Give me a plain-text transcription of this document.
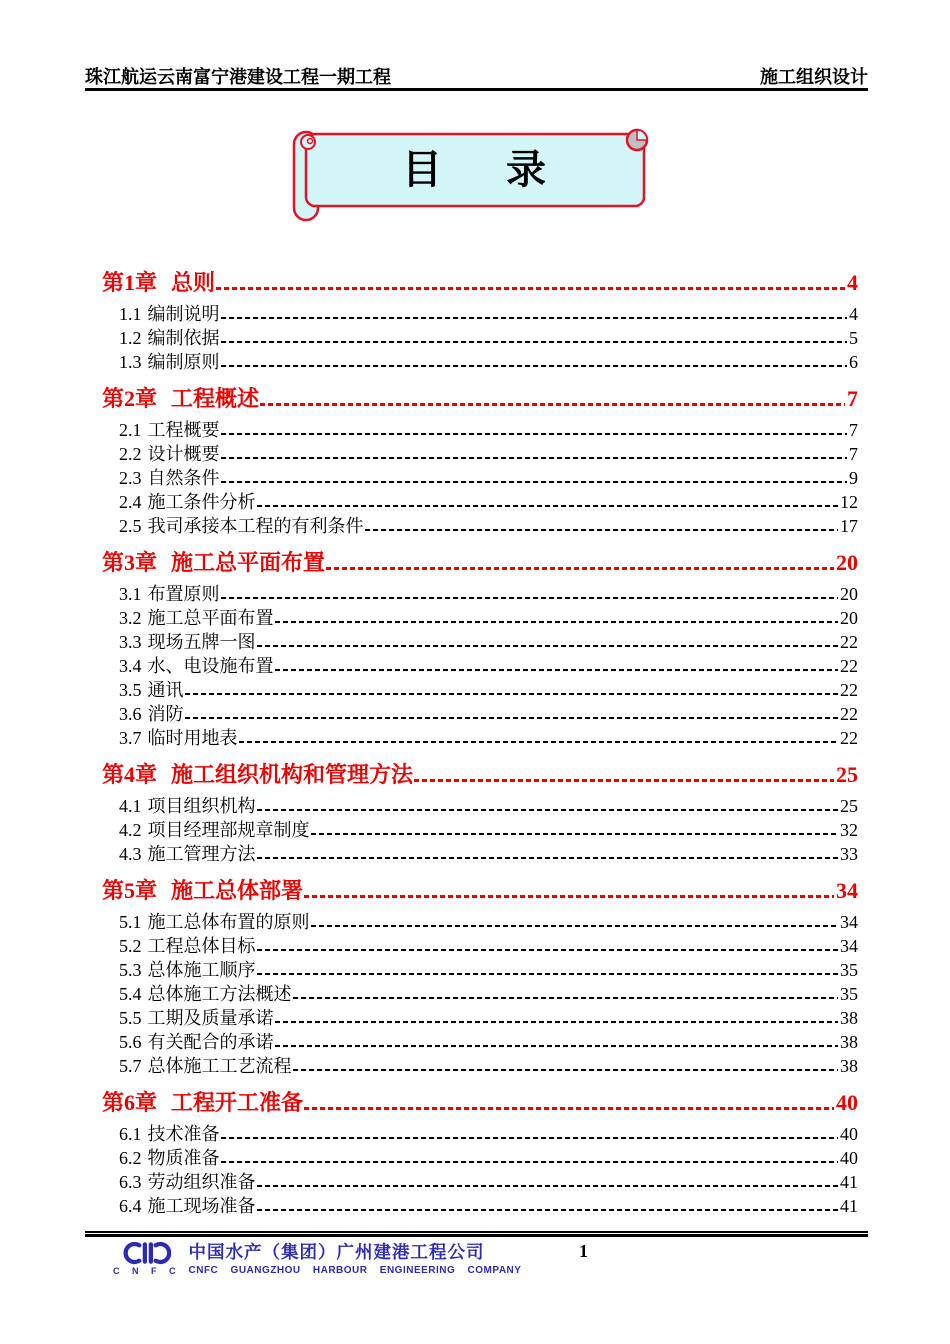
珠江航运云南富宁港建设工程一期工程	施工组织设计
目　录
第1章 总则	4
1.1 编制说明	4
1.2 编制依据	5
1.3 编制原则	6
第2章 工程概述	7
2.1 工程概要	7
2.2 设计概要	7
2.3 自然条件	9
2.4 施工条件分析	12
2.5 我司承接本工程的有利条件	17
第3章 施工总平面布置	20
3.1 布置原则	20
3.2 施工总平面布置	20
3.3 现场五牌一图	22
3.4 水、电设施布置	22
3.5 通讯	22
3.6 消防	22
3.7 临时用地表	22
第4章 施工组织机构和管理方法	25
4.1 项目组织机构	25
4.2 项目经理部规章制度	32
4.3 施工管理方法	33
第5章 施工总体部署	34
5.1 施工总体布置的原则	34
5.2 工程总体目标	34
5.3 总体施工顺序	35
5.4 总体施工方法概述	35
5.5 工期及质量承诺	38
5.6 有关配合的承诺	38
5.7 总体施工工艺流程	38
第6章 工程开工准备	40
6.1 技术准备	40
6.2 物质准备	40
6.3 劳动组织准备	41
6.4 施工现场准备	41
C N F C
中国水产（集团）广州建港工程公司
CNFC GUANGZHOU HARBOUR ENGINEERING COMPANY
1
